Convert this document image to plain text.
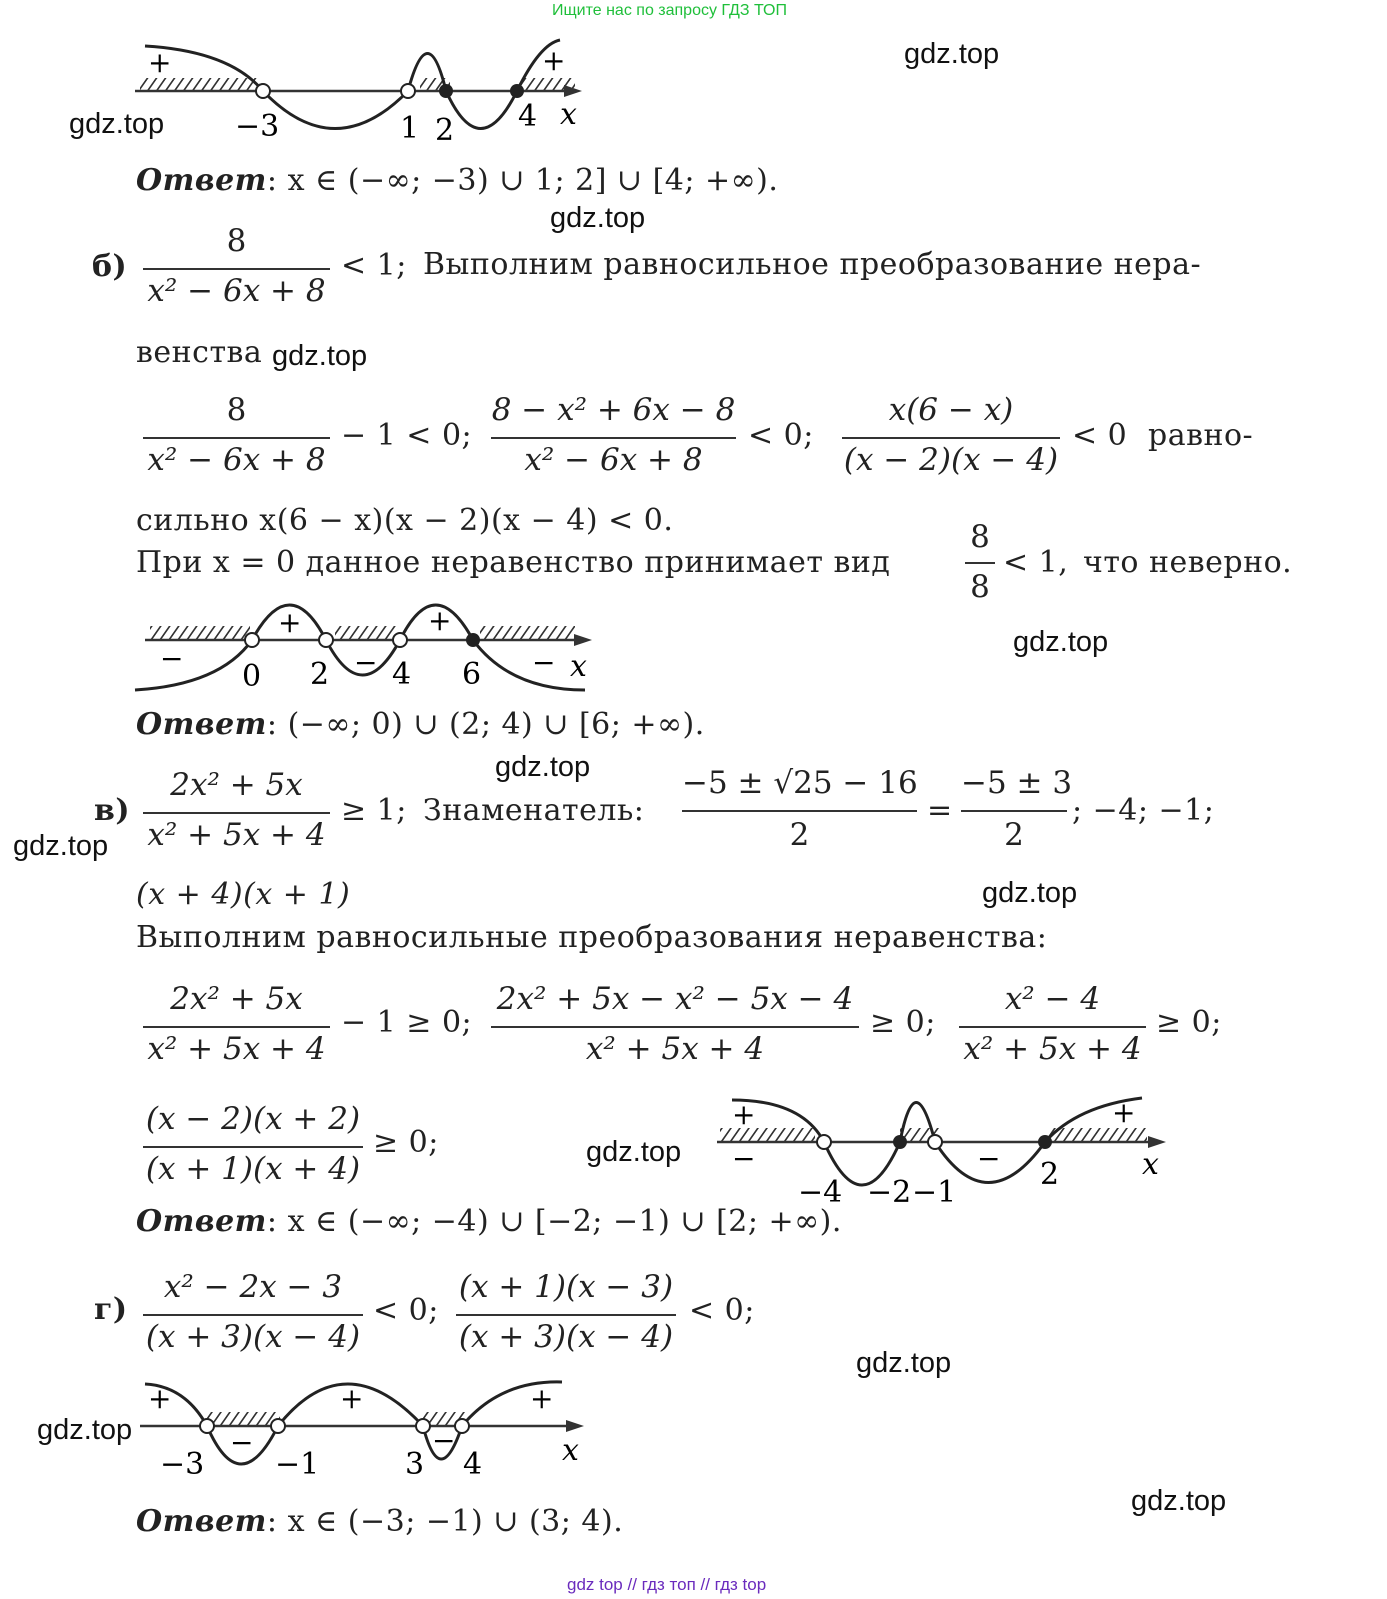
Ищите нас по запросу ГДЗ ТОП
gdz.top
gdz.top
gdz.top
gdz.top
gdz.top
gdz.top
gdz.top
gdz.top
gdz.top
gdz.top
gdz.top
gdz.top
+	+
−3	1 2 4 x
Ответ: x ∈ (−∞; −3) ∪ 1; 2] ∪ [4; +∞).
б)
8
x² − 6x + 8
< 1; Выполним равносильное преобразование нера-
венства
8
x² − 6x + 8
− 1 < 0;
8 − x² + 6x − 8
x² − 6x + 8
< 0;
x(6 − x)
(x − 2)(x − 4)
< 0 равно-
сильно x(6 − x)(x − 2)(x − 4) < 0.
При x = 0 данное неравенство принимает вид
8
8
< 1, что неверно.
+	+
−	−	−
0 2 4 6	x
Ответ: (−∞; 0) ∪ (2; 4) ∪ [6; +∞).
в)
2x² + 5x
x² + 5x + 4
≥ 1; Знаменатель:
−5 ± √25 − 16
2
=
−5 ± 3
2
; −4; −1;
(x + 4)(x + 1)
Выполним равносильные преобразования неравенства:
2x² + 5x
x² + 5x + 4
− 1 ≥ 0;
2x² + 5x − x² − 5x − 4
x² + 5x + 4
≥ 0;
x² − 4
x² + 5x + 4
≥ 0;
(x − 2)(x + 2)
(x + 1)(x + 4)
≥ 0;
+	+
−	−
−4 −2 −1
2	x
Ответ: x ∈ (−∞; −4) ∪ [−2; −1) ∪ [2; +∞).
г)
x² − 2x − 3
(x + 3)(x − 4)
< 0;
(x + 1)(x − 3)
(x + 3)(x − 4)
< 0;
+	+	+
−	−
−3 −1	3 4	x
Ответ: x ∈ (−3; −1) ∪ (3; 4).
gdz top // гдз топ // гдз top
